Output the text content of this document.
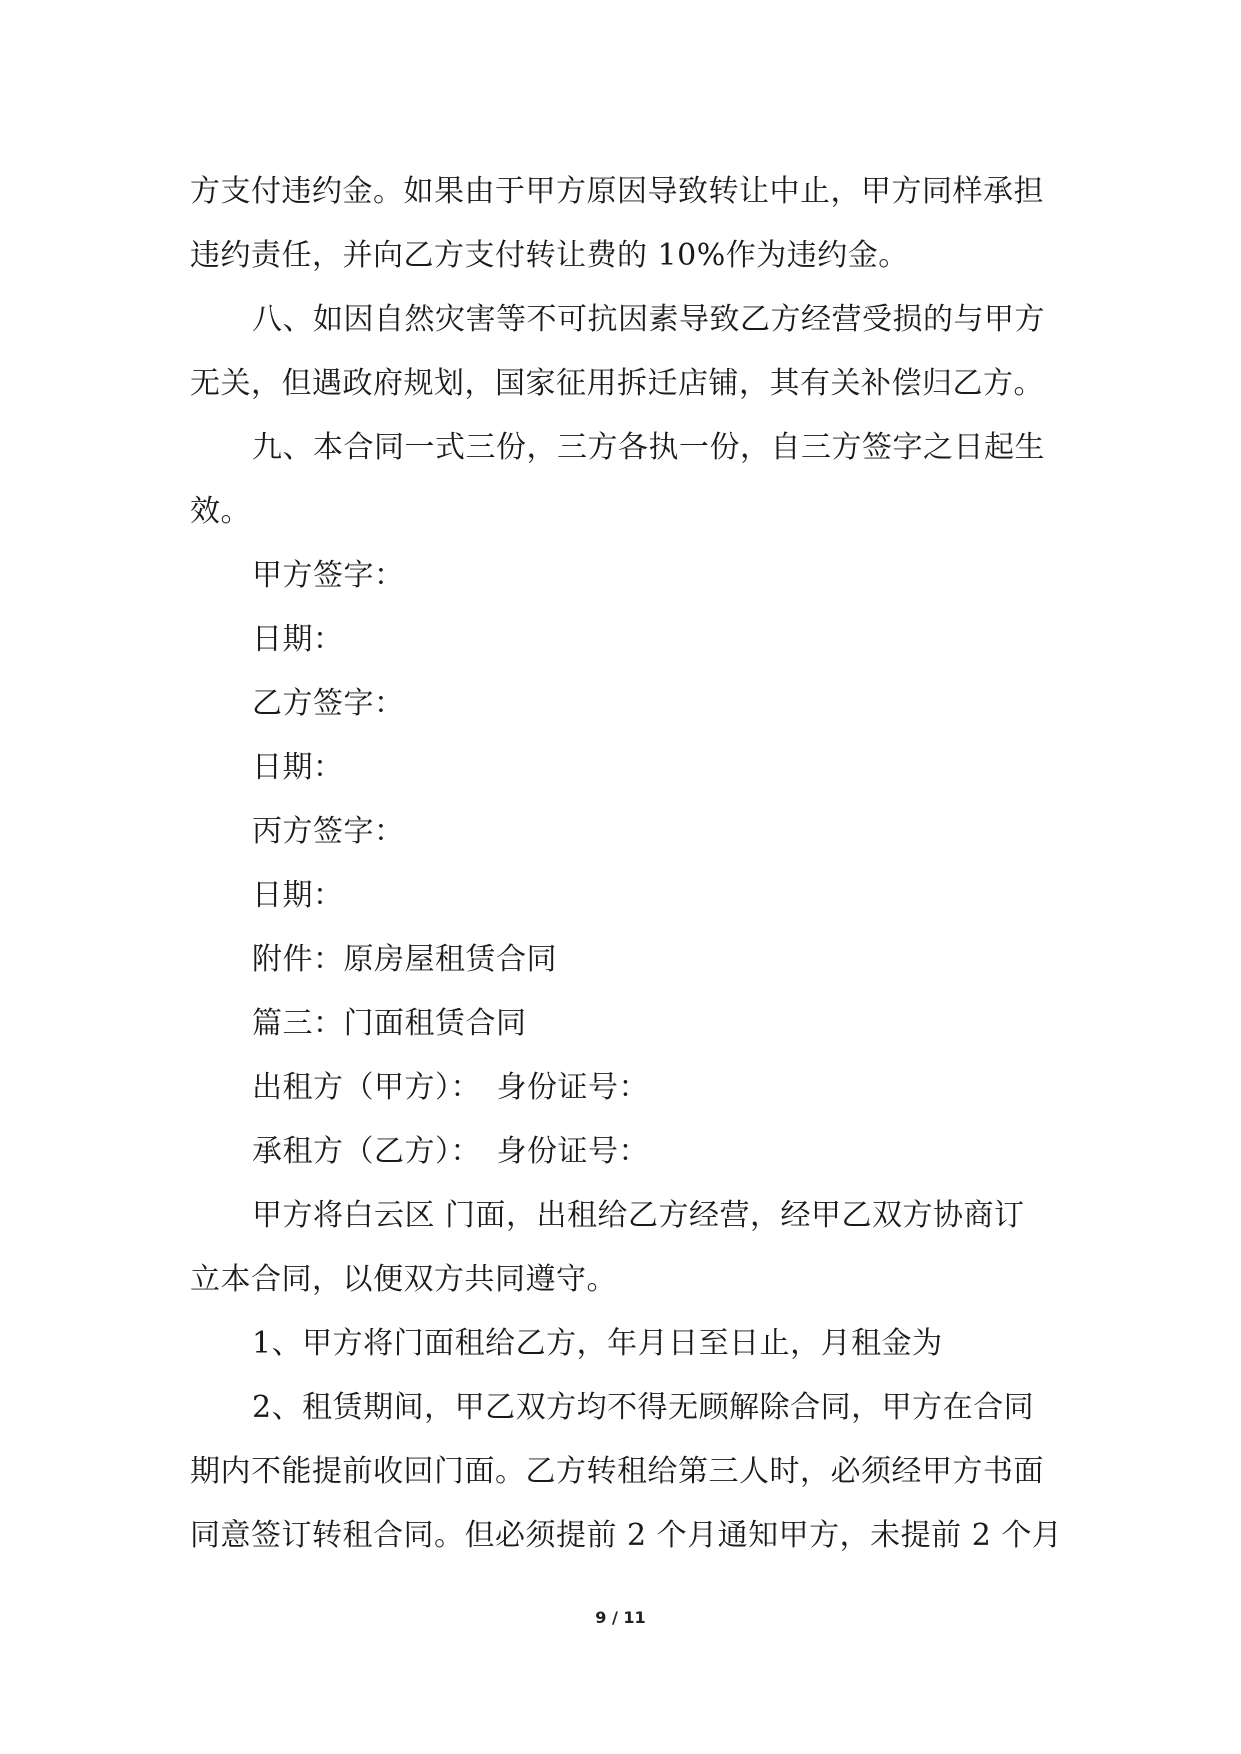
方支付违约金。如果由于甲方原因导致转让中止，甲方同样承担
违约责任，并向乙方支付转让费的 10%作为违约金。
八、如因自然灾害等不可抗因素导致乙方经营受损的与甲方
无关，但遇政府规划，国家征用拆迁店铺，其有关补偿归乙方。
九、本合同一式三份，三方各执一份，自三方签字之日起生
效。
甲方签字：
日期：
乙方签字：
日期：
丙方签字：
日期：
附件：原房屋租赁合同
篇三：门面租赁合同
出租方（甲方）：　身份证号：
承租方（乙方）：　身份证号：
甲方将白云区 门面，出租给乙方经营，经甲乙双方协商订
立本合同，以便双方共同遵守。
1、甲方将门面租给乙方，年月日至日止，月租金为
2、租赁期间，甲乙双方均不得无顾解除合同，甲方在合同
期内不能提前收回门面。乙方转租给第三人时，必须经甲方书面
同意签订转租合同。但必须提前 2 个月通知甲方，未提前 2 个月
9 / 11
